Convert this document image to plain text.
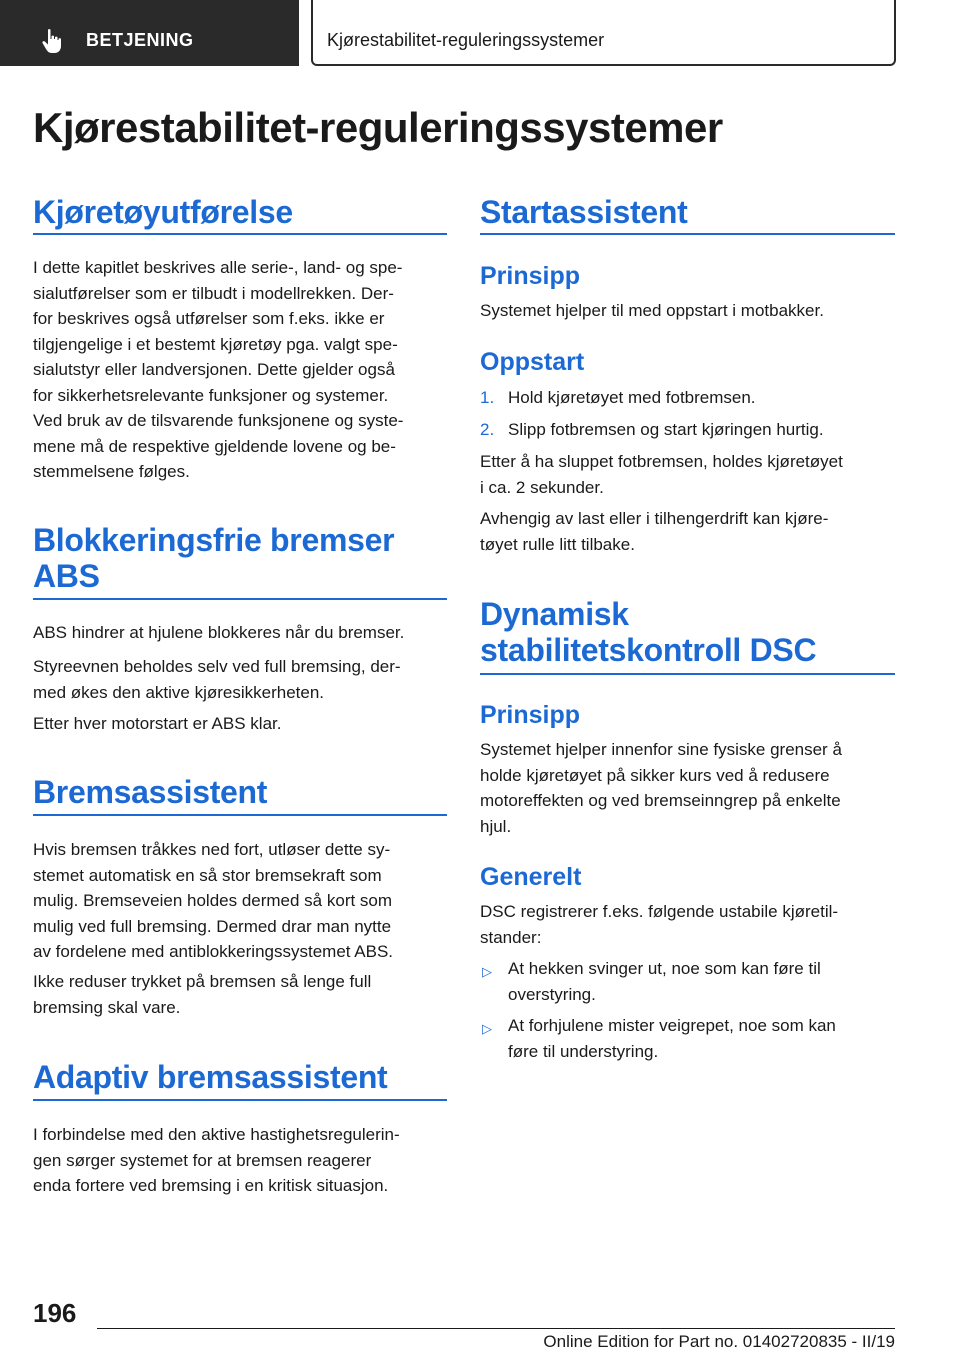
BETJENING	Kjørestabilitet-reguleringssystemer
Kjørestabilitet-reguleringssystemer
Kjøretøyutførelse
I dette kapitlet beskrives alle serie-, land- og spe-
sialutførelser som er tilbudt i modellrekken. Der-
for beskrives også utførelser som f.eks. ikke er
tilgjengelige i et bestemt kjøretøy pga. valgt spe-
sialutstyr eller landversjonen. Dette gjelder også
for sikkerhetsrelevante funksjoner og systemer.
Ved bruk av de tilsvarende funksjonene og syste-
mene må de respektive gjeldende lovene og be-
stemmelsene følges.
Blokkeringsfrie bremser
ABS
ABS hindrer at hjulene blokkeres når du bremser.
Styreevnen beholdes selv ved full bremsing, der-
med økes den aktive kjøresikkerheten.
Etter hver motorstart er ABS klar.
Bremsassistent
Hvis bremsen tråkkes ned fort, utløser dette sy-
stemet automatisk en så stor bremsekraft som
mulig. Bremseveien holdes dermed så kort som
mulig ved full bremsing. Dermed drar man nytte
av fordelene med antiblokkeringssystemet ABS.
Ikke reduser trykket på bremsen så lenge full
bremsing skal vare.
Adaptiv bremsassistent
I forbindelse med den aktive hastighetsregulerin-
gen sørger systemet for at bremsen reagerer
enda fortere ved bremsing i en kritisk situasjon.
Startassistent
Prinsipp
Systemet hjelper til med oppstart i motbakker.
Oppstart
1. Hold kjøretøyet med fotbremsen.
2. Slipp fotbremsen og start kjøringen hurtig.
Etter å ha sluppet fotbremsen, holdes kjøretøyet
i ca. 2 sekunder.
Avhengig av last eller i tilhengerdrift kan kjøre-
tøyet rulle litt tilbake.
Dynamisk
stabilitetskontroll DSC
Prinsipp
Systemet hjelper innenfor sine fysiske grenser å
holde kjøretøyet på sikker kurs ved å redusere
motoreffekten og ved bremseinngrep på enkelte
hjul.
Generelt
DSC registrerer f.eks. følgende ustabile kjøretil-
stander:
▷ At hekken svinger ut, noe som kan føre til
overstyring.
▷ At forhjulene mister veigrepet, noe som kan
føre til understyring.
196
Online Edition for Part no. 01402720835 - II/19
